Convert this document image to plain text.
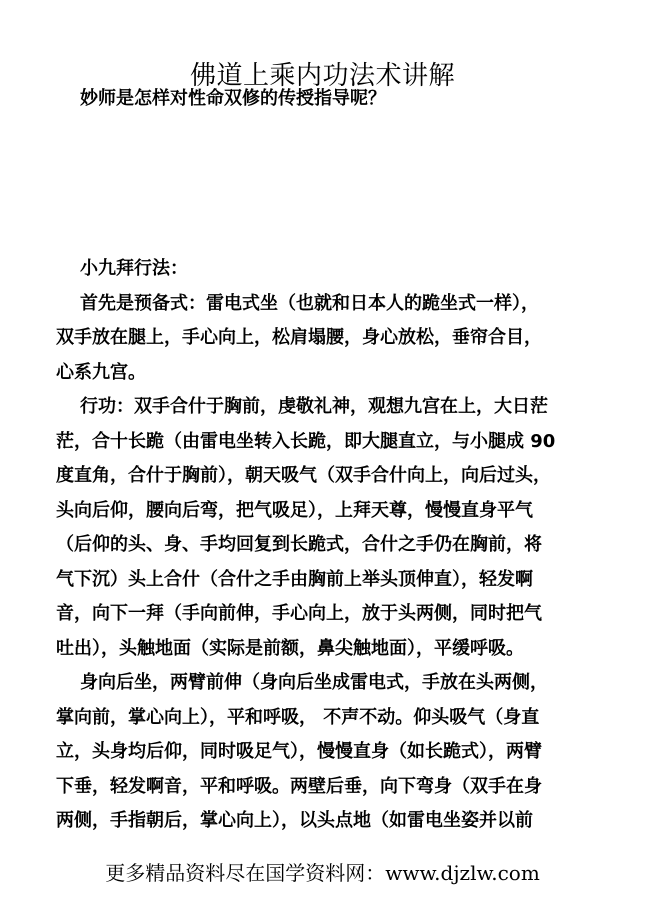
佛道上乘内功法术讲解
妙师是怎样对性命双修的传授指导呢？
小九拜行法：
首先是预备式：雷电式坐（也就和日本人的跪坐式一样），
双手放在腿上，手心向上，松肩塌腰，身心放松，垂帘合目，
心系九宫。
行功：双手合什于胸前，虔敬礼神，观想九宫在上，大日茫
茫，合十长跪（由雷电坐转入长跪，即大腿直立，与小腿成 90
度直角，合什于胸前），朝天吸气（双手合什向上，向后过头，
头向后仰，腰向后弯，把气吸足），上拜天尊，慢慢直身平气
（后仰的头、身、手均回复到长跪式，合什之手仍在胸前，将
气下沉）头上合什（合什之手由胸前上举头顶伸直），轻发啊
音，向下一拜（手向前伸，手心向上，放于头两侧，同时把气
吐出），头触地面（实际是前额，鼻尖触地面），平缓呼吸。
身向后坐，两臂前伸（身向后坐成雷电式，手放在头两侧，
掌向前，掌心向上），平和呼吸， 不声不动。仰头吸气（身直
立，头身均后仰，同时吸足气），慢慢直身（如长跪式），两臂
下垂，轻发啊音，平和呼吸。两壁后垂，向下弯身（双手在身
两侧，手指朝后，掌心向上），以头点地（如雷电坐姿并以前
更多精品资料尽在国学资料网：www.djzlw.com
